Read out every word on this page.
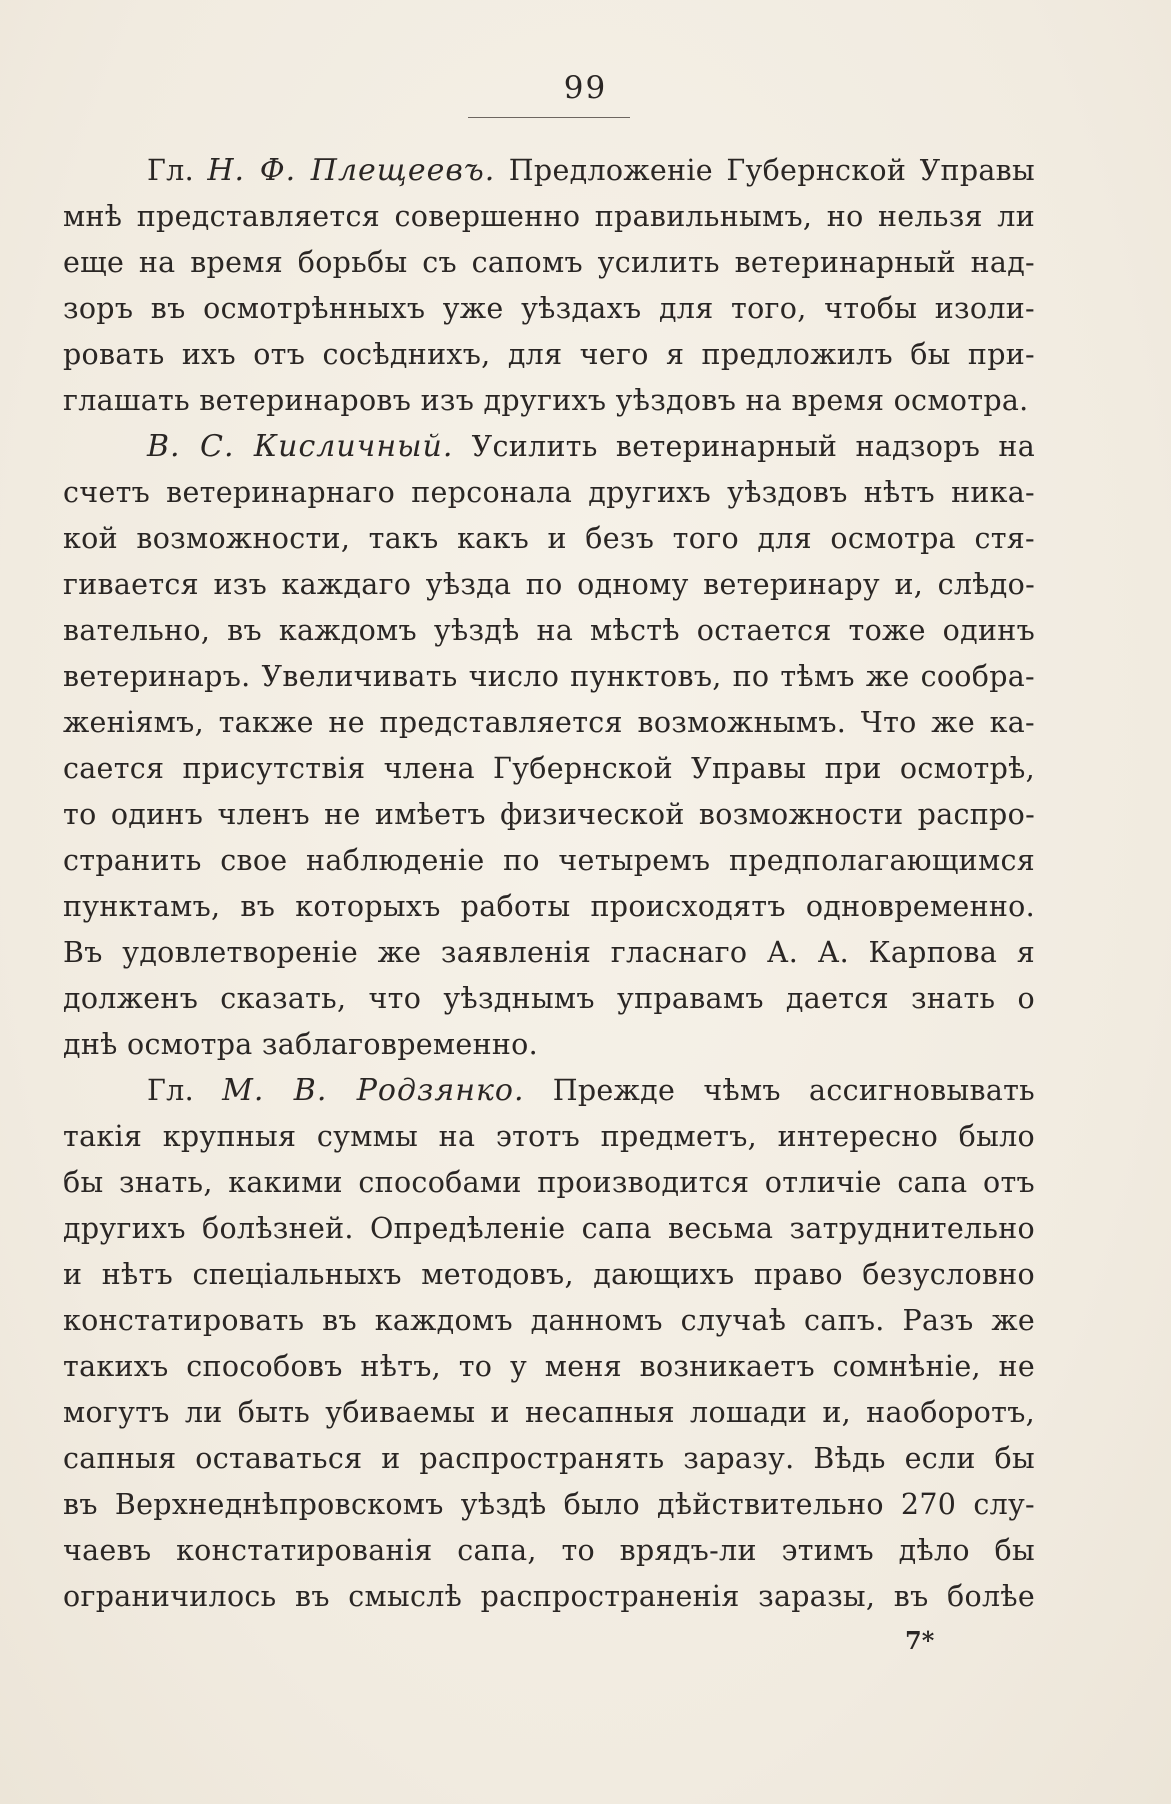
99
Гл. Н. Ф. Плещеевъ. Предложеніе Губернской Управы
мнѣ представляется совершенно правильнымъ, но нельзя ли
еще на время борьбы съ сапомъ усилить ветеринарный над-
зоръ въ осмотрѣнныхъ уже уѣздахъ для того, чтобы изоли-
ровать ихъ отъ сосѣднихъ, для чего я предложилъ бы при-
глашать ветеринаровъ изъ другихъ уѣздовъ на время осмотра.
В. С. Кисличный. Усилить ветеринарный надзоръ на
счетъ ветеринарнаго персонала другихъ уѣздовъ нѣтъ ника-
кой возможности, такъ какъ и безъ того для осмотра стя-
гивается изъ каждаго уѣзда по одному ветеринару и, слѣдо-
вательно, въ каждомъ уѣздѣ на мѣстѣ остается тоже одинъ
ветеринаръ. Увеличивать число пунктовъ, по тѣмъ же сообра-
женіямъ, также не представляется возможнымъ. Что же ка-
сается присутствія члена Губернской Управы при осмотрѣ,
то одинъ членъ не имѣетъ физической возможности распро-
странить свое наблюденіе по четыремъ предполагающимся
пунктамъ, въ которыхъ работы происходятъ одновременно.
Въ удовлетвореніе же заявленія гласнаго А. А. Карпова я
долженъ сказать, что уѣзднымъ управамъ дается знать о
днѣ осмотра заблаговременно.
Гл. М. В. Родзянко. Прежде чѣмъ ассигновывать
такія крупныя суммы на этотъ предметъ, интересно было
бы знать, какими способами производится отличіе сапа отъ
другихъ болѣзней. Опредѣленіе сапа весьма затруднительно
и нѣтъ спеціальныхъ методовъ, дающихъ право безусловно
констатировать въ каждомъ данномъ случаѣ сапъ. Разъ же
такихъ способовъ нѣтъ, то у меня возникаетъ сомнѣніе, не
могутъ ли быть убиваемы и несапныя лошади и, наоборотъ,
сапныя оставаться и распространять заразу. Вѣдь если бы
въ Верхнеднѣпровскомъ уѣздѣ было дѣйствительно 270 слу-
чаевъ констатированія сапа, то врядъ-ли этимъ дѣло бы
ограничилось въ смыслѣ распространенія заразы, въ болѣе
7*
